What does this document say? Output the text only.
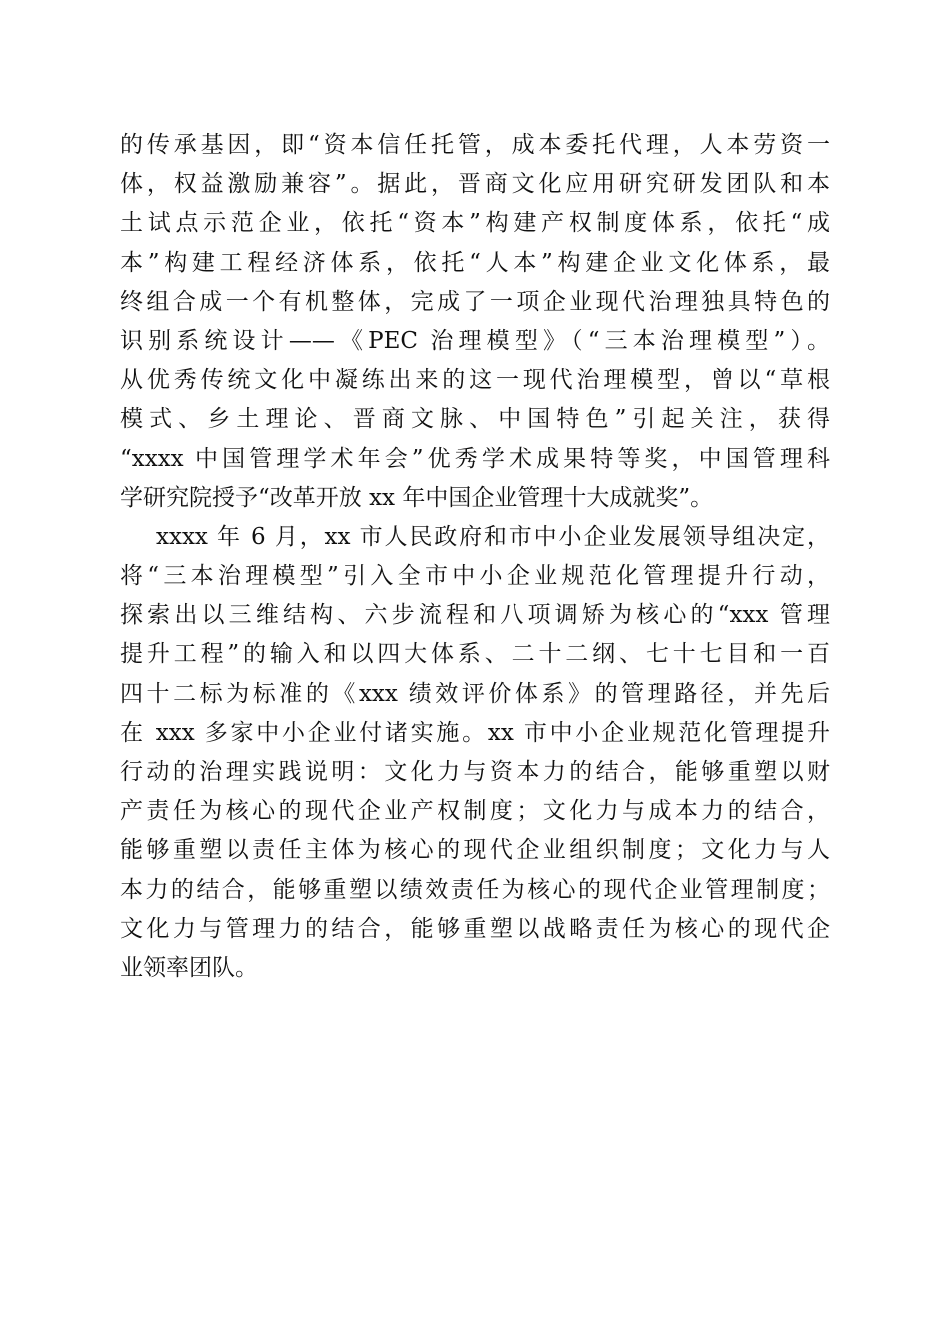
的传承基因，即“资本信任托管，成本委托代理，人本劳资一
体，权益激励兼容”。据此，晋商文化应用研究研发团队和本
土试点示范企业，依托“资本”构建产权制度体系，依托“成
本”构建工程经济体系，依托“人本”构建企业文化体系，最
终组合成一个有机整体，完成了一项企业现代治理独具特色的
识别系统设计——《PEC 治理模型》（“三本治理模型”）。
从优秀传统文化中凝练出来的这一现代治理模型，曾以“草根
模式、乡土理论、晋商文脉、中国特色”引起关注，获得
“xxxx 中国管理学术年会”优秀学术成果特等奖，中国管理科
学研究院授予“改革开放 xx 年中国企业管理十大成就奖”。
xxxx 年 6 月，xx 市人民政府和市中小企业发展领导组决定，
将“三本治理模型”引入全市中小企业规范化管理提升行动，
探索出以三维结构、六步流程和八项调矫为核心的“xxx 管理
提升工程”的输入和以四大体系、二十二纲、七十七目和一百
四十二标为标准的《xxx 绩效评价体系》的管理路径，并先后
在 xxx 多家中小企业付诸实施。xx 市中小企业规范化管理提升
行动的治理实践说明：文化力与资本力的结合，能够重塑以财
产责任为核心的现代企业产权制度；文化力与成本力的结合，
能够重塑以责任主体为核心的现代企业组织制度；文化力与人
本力的结合，能够重塑以绩效责任为核心的现代企业管理制度；
文化力与管理力的结合，能够重塑以战略责任为核心的现代企
业领率团队。
